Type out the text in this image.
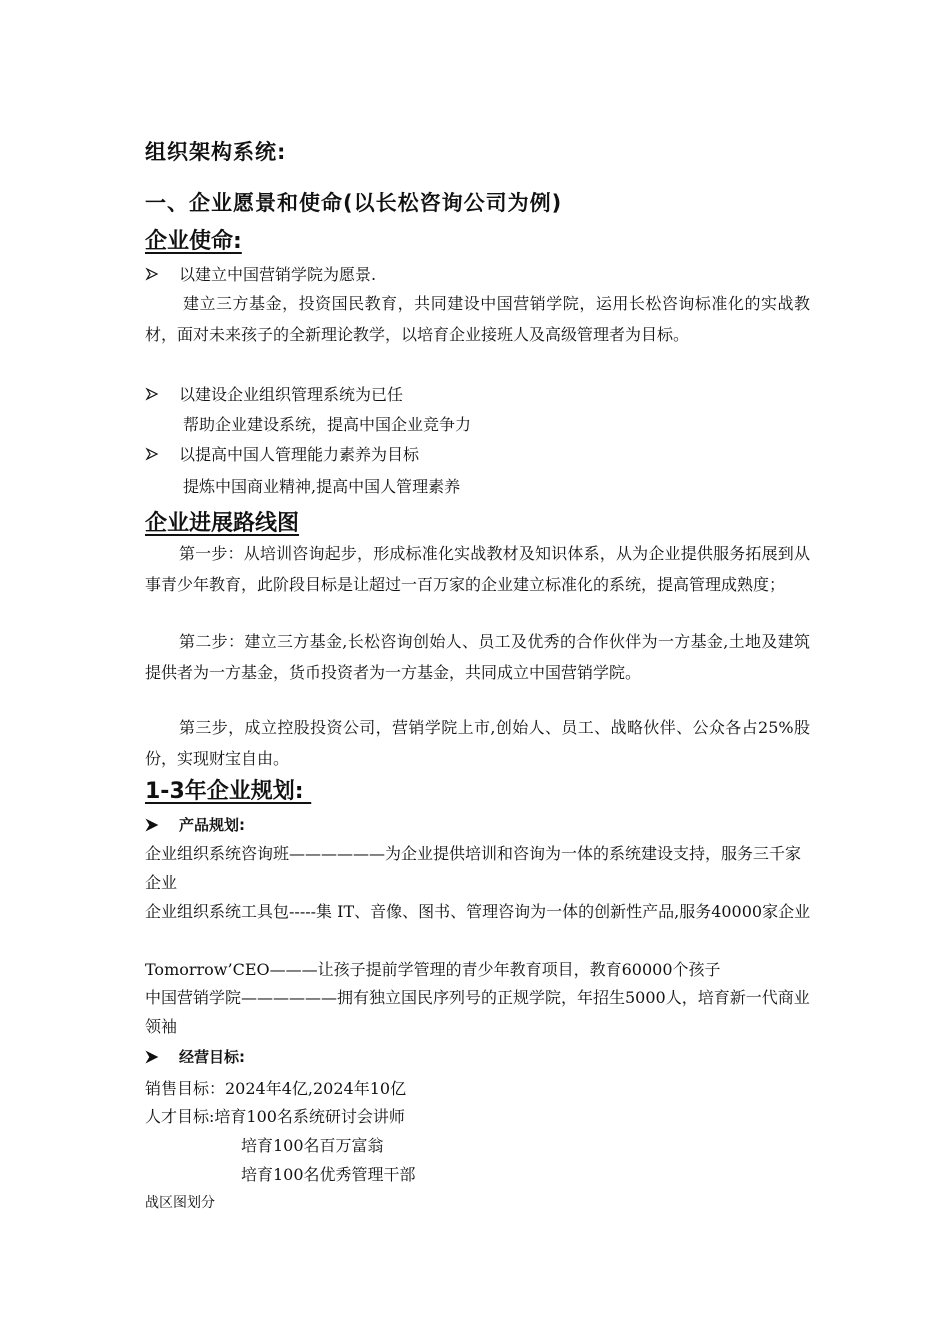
组织架构系统:
一、企业愿景和使命(以长松咨询公司为例)
企业使命:
以建立中国营销学院为愿景.
建立三方基金，投资国民教育，共同建设中国营销学院，运用长松咨询标准化的实战教材，面对未来孩子的全新理论教学，以培育企业接班人及高级管理者为目标。
以建设企业组织管理系统为已任
帮助企业建设系统，提高中国企业竞争力
以提高中国人管理能力素养为目标
提炼中国商业精神,提高中国人管理素养
企业进展路线图
第一步：从培训咨询起步，形成标准化实战教材及知识体系，从为企业提供服务拓展到从事青少年教育，此阶段目标是让超过一百万家的企业建立标准化的系统，提高管理成熟度；
第二步：建立三方基金,长松咨询创始人、员工及优秀的合作伙伴为一方基金,土地及建筑提供者为一方基金，货币投资者为一方基金，共同成立中国营销学院。
第三步，成立控股投资公司，营销学院上市,创始人、员工、战略伙伴、公众各占25%股份，实现财宝自由。
1-3年企业规划:
产品规划:
企业组织系统咨询班——————为企业提供培训和咨询为一体的系统建设支持，服务三千家企业
企业组织系统工具包-----集 IT、音像、图书、管理咨询为一体的创新性产品,服务40000家企业
Tomorrow’CEO———让孩子提前学管理的青少年教育项目，教育60000个孩子
中国营销学院——————拥有独立国民序列号的正规学院，年招生5000人，培育新一代商业领袖
经营目标:
销售目标：2024年4亿,2024年10亿
人才目标:培育100名系统研讨会讲师
培育100名百万富翁
培育100名优秀管理干部
战区图划分
